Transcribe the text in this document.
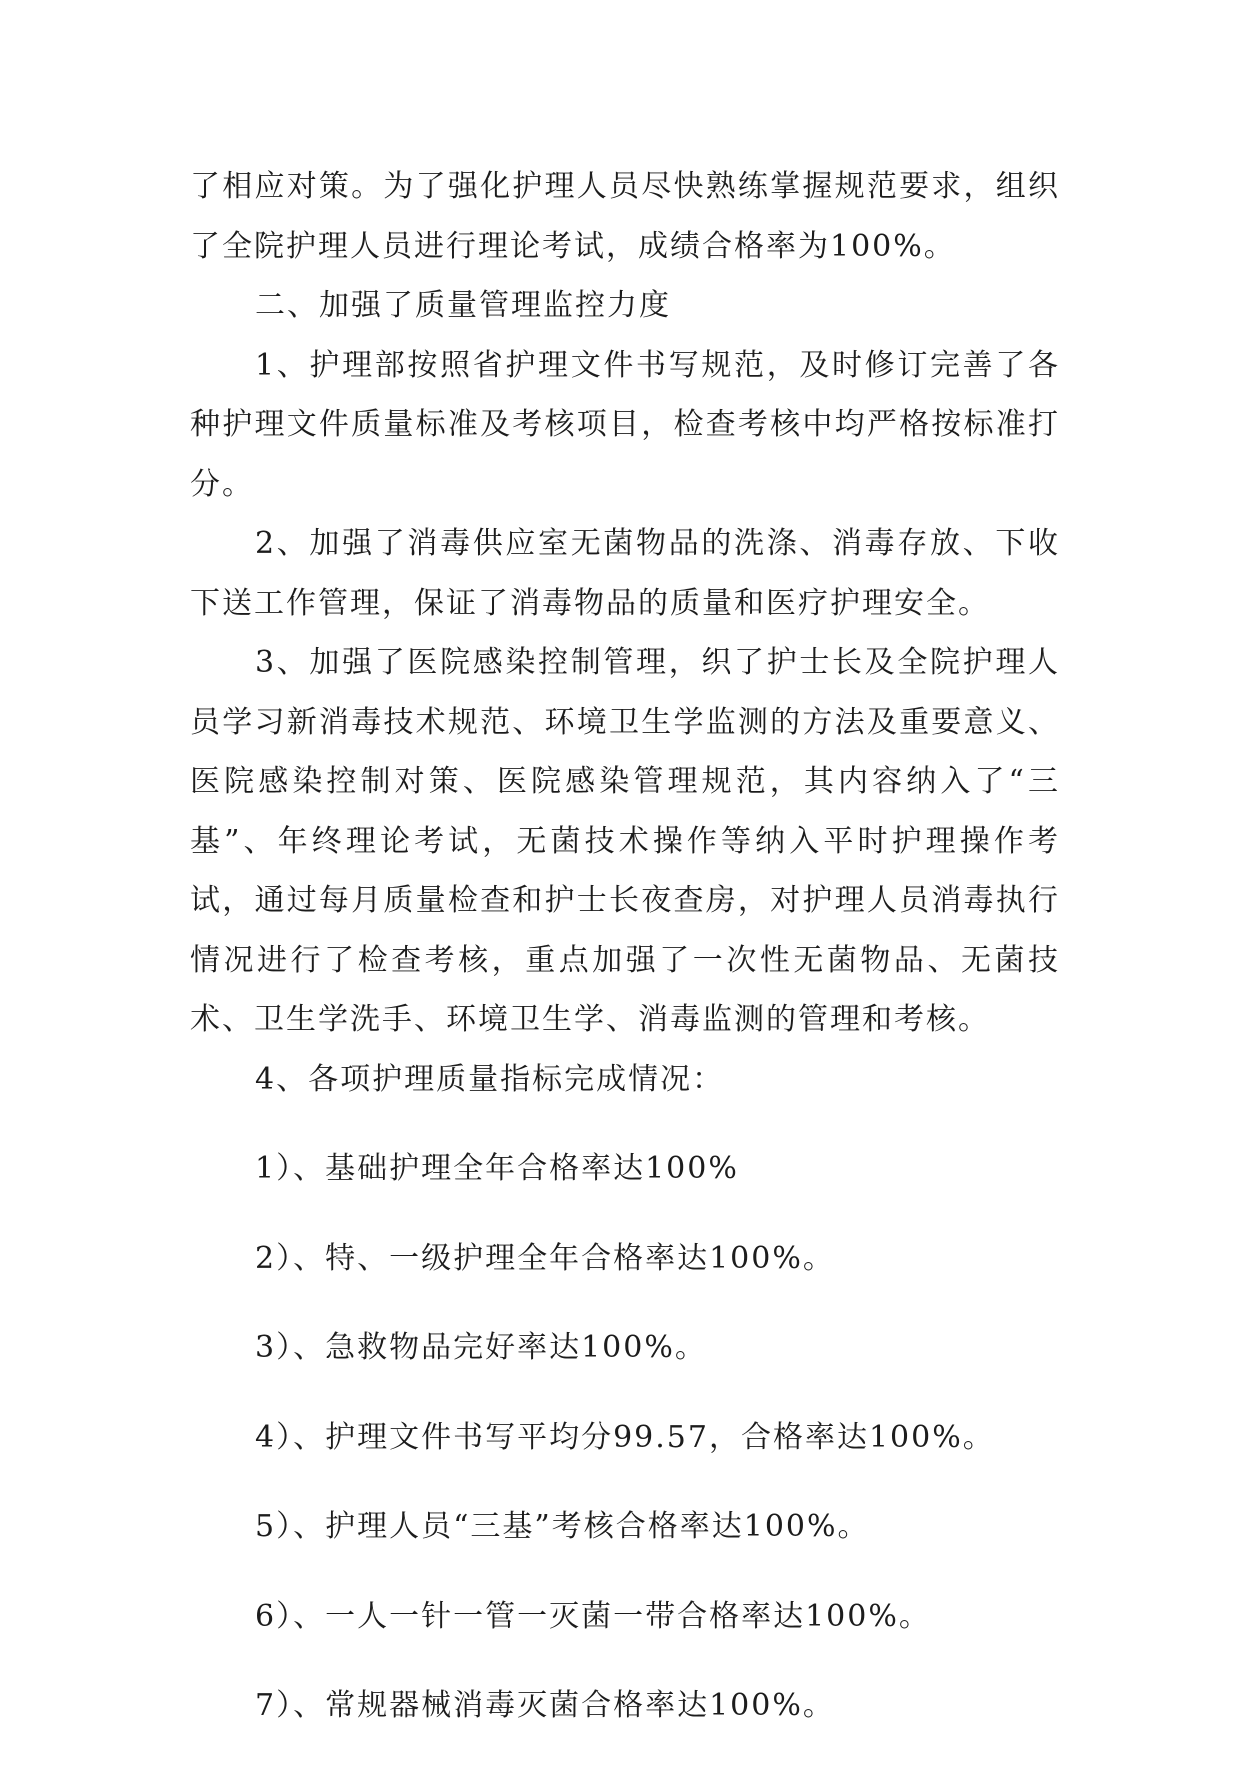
了相应对策。为了强化护理人员尽快熟练掌握规范要求，组织了全院护理人员进行理论考试，成绩合格率为100%。

二、加强了质量管理监控力度

1、护理部按照省护理文件书写规范，及时修订完善了各种护理文件质量标准及考核项目，检查考核中均严格按标准打分。

2、加强了消毒供应室无菌物品的洗涤、消毒存放、下收下送工作管理，保证了消毒物品的质量和医疗护理安全。

3、加强了医院感染控制管理，织了护士长及全院护理人员学习新消毒技术规范、环境卫生学监测的方法及重要意义、医院感染控制对策、医院感染管理规范，其内容纳入了“三基”、年终理论考试，无菌技术操作等纳入平时护理操作考试，通过每月质量检查和护士长夜查房，对护理人员消毒执行情况进行了检查考核，重点加强了一次性无菌物品、无菌技术、卫生学洗手、环境卫生学、消毒监测的管理和考核。

4、各项护理质量指标完成情况：

1）、基础护理全年合格率达100%

2）、特、一级护理全年合格率达100%。

3）、急救物品完好率达100%。

4）、护理文件书写平均分99.57，合格率达100%。

5）、护理人员“三基”考核合格率达100%。

6）、一人一针一管一灭菌一带合格率达100%。

7）、常规器械消毒灭菌合格率达100%。
